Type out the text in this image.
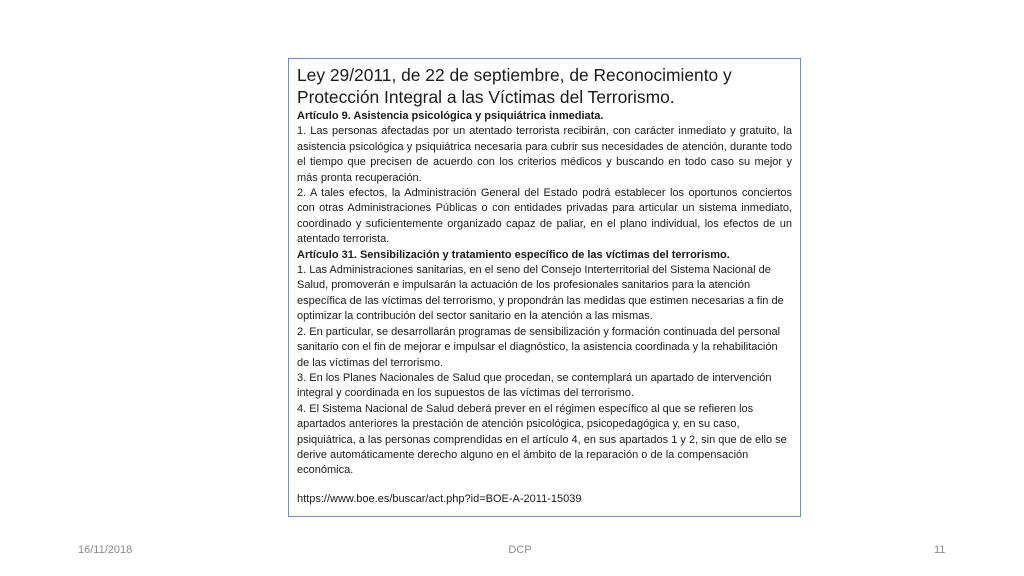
Ley 29/2011, de 22 de septiembre, de Reconocimiento y Protección Integral a las Víctimas del Terrorismo.
Artículo 9. Asistencia psicológica y psiquiátrica inmediata.
1. Las personas afectadas por un atentado terrorista recibirán, con carácter inmediato y gratuito, la asistencia psicológica y psiquiátrica necesaria para cubrir sus necesidades de atención, durante todo el tiempo que precisen de acuerdo con los criterios médicos y buscando en todo caso su mejor y más pronta recuperación.
2. A tales efectos, la Administración General del Estado podrá establecer los oportunos conciertos con otras Administraciones Públicas o con entidades privadas para articular un sistema inmediato, coordinado y suficientemente organizado capaz de paliar, en el plano individual, los efectos de un atentado terrorista.
Artículo 31. Sensibilización y tratamiento específico de las víctimas del terrorismo.
1. Las Administraciones sanitarias, en el seno del Consejo Interterritorial del Sistema Nacional de Salud, promoverán e impulsarán la actuación de los profesionales sanitarios para la atención específica de las víctimas del terrorismo, y propondrán las medidas que estimen necesarias a fin de optimizar la contribución del sector sanitario en la atención a las mismas.
2. En particular, se desarrollarán programas de sensibilización y formación continuada del personal sanitario con el fin de mejorar e impulsar el diagnóstico, la asistencia coordinada y la rehabilitación de las víctimas del terrorismo.
3. En los Planes Nacionales de Salud que procedan, se contemplará un apartado de intervención integral y coordinada en los supuestos de las víctimas del terrorismo.
4. El Sistema Nacional de Salud deberá prever en el régimen específico al que se refieren los apartados anteriores la prestación de atención psicológica, psicopedagógica y, en su caso, psiquiátrica, a las personas comprendidas en el artículo 4, en sus apartados 1 y 2, sin que de ello se derive automáticamente derecho alguno en el ámbito de la reparación o de la compensación económica.
https://www.boe.es/buscar/act.php?id=BOE-A-2011-15039
16/11/2018	DCP	11
